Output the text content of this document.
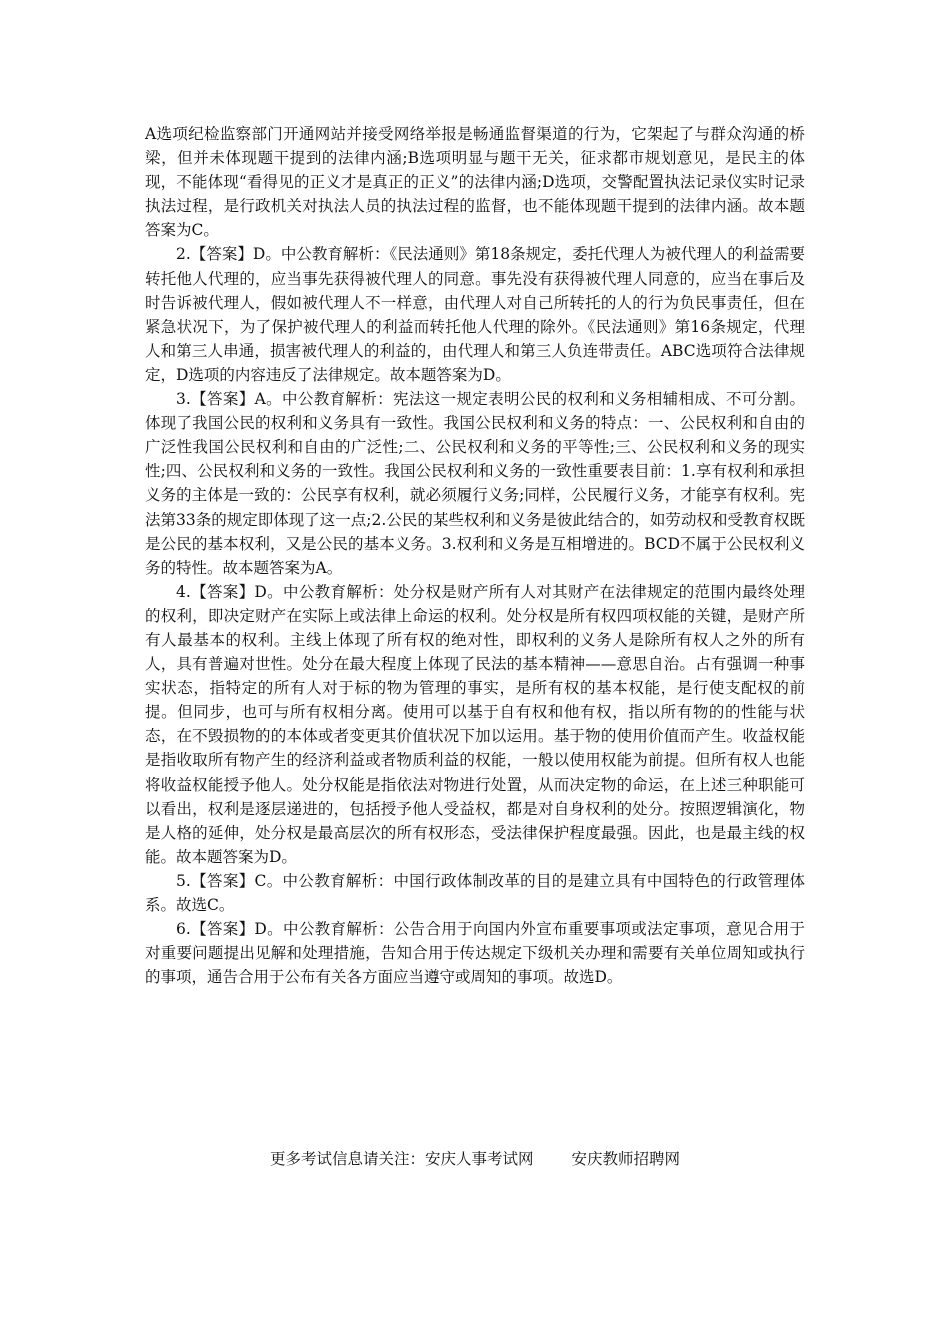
A选项纪检监察部门开通网站并接受网络举报是畅通监督渠道的行为，它架起了与群众沟通的桥梁，但并未体现题干提到的法律内涵;B选项明显与题干无关，征求都市规划意见，是民主的体现，不能体现“看得见的正义才是真正的正义”的法律内涵;D选项，交警配置执法记录仪实时记录执法过程，是行政机关对执法人员的执法过程的监督，也不能体现题干提到的法律内涵。故本题答案为C。

2.【答案】D。中公教育解析：《民法通则》第18条规定，委托代理人为被代理人的利益需要转托他人代理的，应当事先获得被代理人的同意。事先没有获得被代理人同意的，应当在事后及时告诉被代理人，假如被代理人不一样意，由代理人对自己所转托的人的行为负民事责任，但在紧急状况下，为了保护被代理人的利益而转托他人代理的除外。《民法通则》第16条规定，代理人和第三人串通，损害被代理人的利益的，由代理人和第三人负连带责任。ABC选项符合法律规定，D选项的内容违反了法律规定。故本题答案为D。

3.【答案】A。中公教育解析：宪法这一规定表明公民的权利和义务相辅相成、不可分割。体现了我国公民的权利和义务具有一致性。我国公民权利和义务的特点：一、公民权利和自由的广泛性我国公民权利和自由的广泛性;二、公民权利和义务的平等性;三、公民权利和义务的现实性;四、公民权利和义务的一致性。我国公民权利和义务的一致性重要表目前：1.享有权利和承担义务的主体是一致的：公民享有权利，就必须履行义务;同样，公民履行义务，才能享有权利。宪法第33条的规定即体现了这一点;2.公民的某些权利和义务是彼此结合的，如劳动权和受教育权既是公民的基本权利，又是公民的基本义务。3.权利和义务是互相增进的。BCD不属于公民权利义务的特性。故本题答案为A。

4.【答案】D。中公教育解析：处分权是财产所有人对其财产在法律规定的范围内最终处理的权利，即决定财产在实际上或法律上命运的权利。处分权是所有权四项权能的关键，是财产所有人最基本的权利。主线上体现了所有权的绝对性，即权利的义务人是除所有权人之外的所有人，具有普遍对世性。处分在最大程度上体现了民法的基本精神——意思自治。占有强调一种事实状态，指特定的所有人对于标的物为管理的事实，是所有权的基本权能，是行使支配权的前提。但同步，也可与所有权相分离。使用可以基于自有权和他有权，指以所有物的的性能与状态，在不毁损物的的本体或者变更其价值状况下加以运用。基于物的使用价值而产生。收益权能是指收取所有物产生的经济利益或者物质利益的权能，一般以使用权能为前提。但所有权人也能将收益权能授予他人。处分权能是指依法对物进行处置，从而决定物的命运，在上述三种职能可以看出，权利是逐层递进的，包括授予他人受益权，都是对自身权利的处分。按照逻辑演化，物是人格的延伸，处分权是最高层次的所有权形态，受法律保护程度最强。因此，也是最主线的权能。故本题答案为D。

5.【答案】C。中公教育解析：中国行政体制改革的目的是建立具有中国特色的行政管理体系。故选C。

6.【答案】D。中公教育解析：公告合用于向国内外宣布重要事项或法定事项，意见合用于对重要问题提出见解和处理措施，告知合用于传达规定下级机关办理和需要有关单位周知或执行的事项，通告合用于公布有关各方面应当遵守或周知的事项。故选D。

更多考试信息请关注：安庆人事考试网 安庆教师招聘网
